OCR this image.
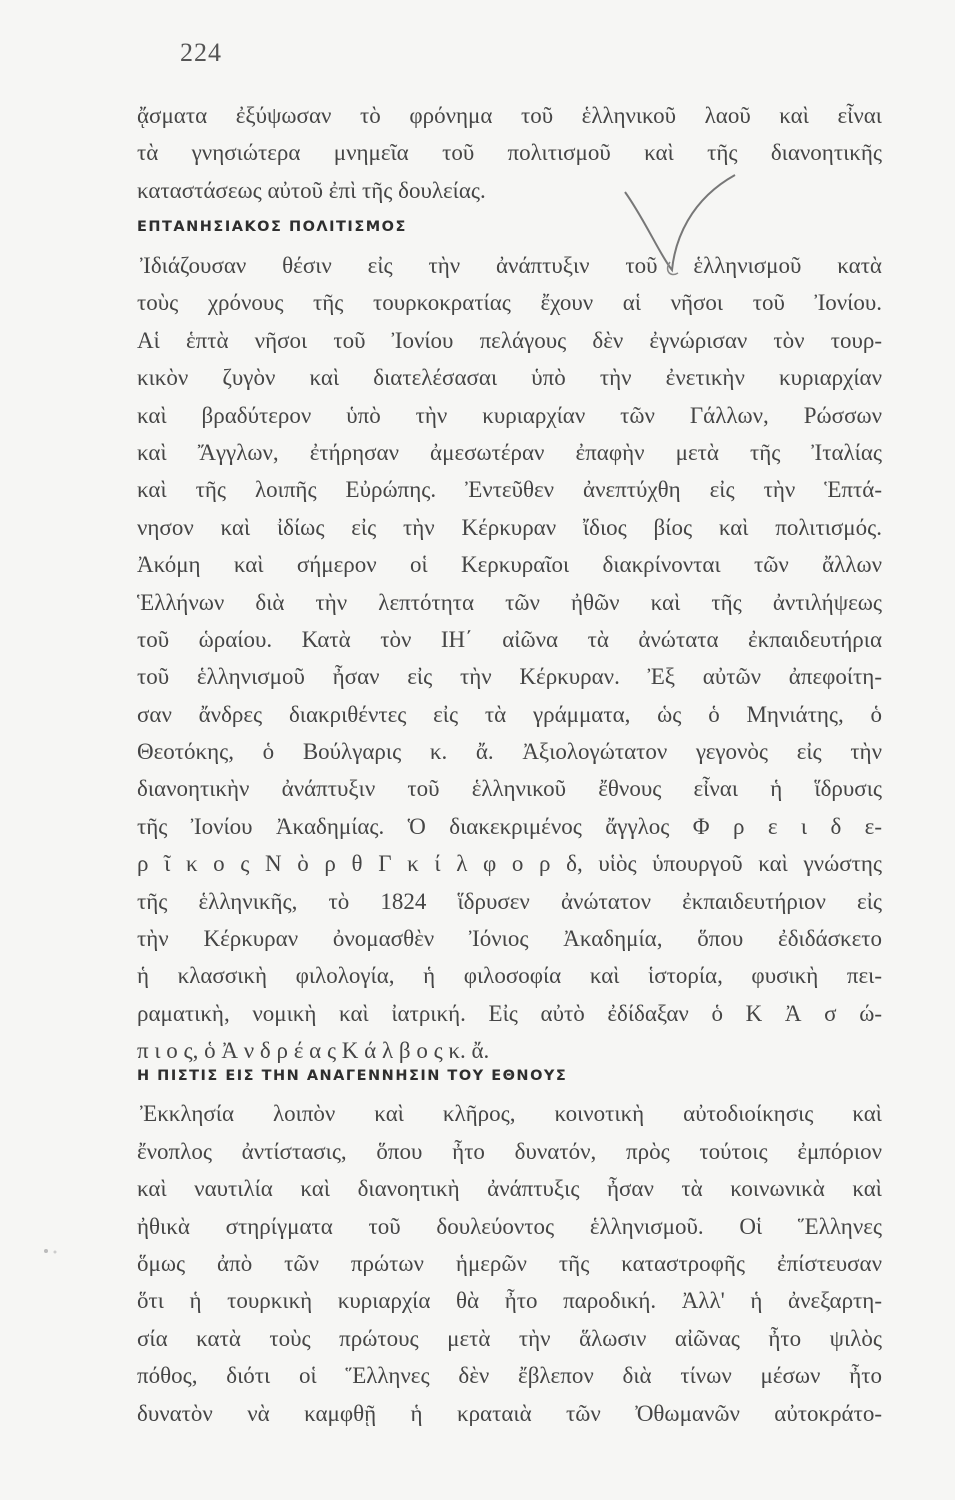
224
ᾄσματα ἐξύψωσαν τὸ φρόνημα τοῦ ἑλληνικοῦ λαοῦ καὶ εἶναι
τὰ γνησιώτερα μνημεῖα τοῦ πολιτισμοῦ καὶ τῆς διανοητικῆς
καταστάσεως αὐτοῦ ἐπὶ τῆς δουλείας.
ΕΠΤΑΝΗΣΙΑΚΟΣ ΠΟΛΙΤΙΣΜΟΣ
Ἰδιάζουσαν θέσιν εἰς τὴν ἀνάπτυξιν τοῦ ἑλληνισμοῦ κατὰ
τοὺς χρόνους τῆς τουρκοκρατίας ἔχουν αἱ νῆσοι τοῦ Ἰονίου.
Αἱ ἑπτὰ νῆσοι τοῦ Ἰονίου πελάγους δὲν ἐγνώρισαν τὸν τουρ-
κικὸν ζυγὸν καὶ διατελέσασαι ὑπὸ τὴν ἐνετικὴν κυριαρχίαν
καὶ βραδύτερον ὑπὸ τὴν κυριαρχίαν τῶν Γάλλων, Ρώσσων
καὶ Ἄγγλων, ἐτήρησαν ἀμεσωτέραν ἐπαφὴν μετὰ τῆς Ἰταλίας
καὶ τῆς λοιπῆς Εὐρώπης. Ἐντεῦθεν ἀνεπτύχθη εἰς τὴν Ἑπτά-
νησον καὶ ἰδίως εἰς τὴν Κέρκυραν ἴδιος βίος καὶ πολιτισμός.
Ἀκόμη καὶ σήμερον οἱ Κερκυραῖοι διακρίνονται τῶν ἄλλων
Ἑλλήνων διὰ τὴν λεπτότητα τῶν ἠθῶν καὶ τῆς ἀντιλήψεως
τοῦ ὡραίου. Κατὰ τὸν ΙΗ΄ αἰῶνα τὰ ἀνώτατα ἐκπαιδευτήρια
τοῦ ἑλληνισμοῦ ἦσαν εἰς τὴν Κέρκυραν. Ἐξ αὐτῶν ἀπεφοίτη-
σαν ἄνδρες διακριθέντες εἰς τὰ γράμματα, ὡς ὁ Μηνιάτης, ὁ
Θεοτόκης, ὁ Βούλγαρις κ. ἄ. Ἀξιολογώτατον γεγονὸς εἰς τὴν
διανοητικὴν ἀνάπτυξιν τοῦ ἑλληνικοῦ ἔθνους εἶναι ἡ ἵδρυσις
τῆς Ἰονίου Ἀκαδημίας. Ὁ διακεκριμένος ἄγγλος Φ ρ ε ι δ ε-
ρ ῖ κ ο ς Ν ὸ ρ θ Γ κ ί λ φ ο ρ δ, υἱὸς ὑπουργοῦ καὶ γνώστης
τῆς ἑλληνικῆς, τὸ 1824 ἵδρυσεν ἀνώτατον ἐκπαιδευτήριον εἰς
τὴν Κέρκυραν ὀνομασθὲν Ἰόνιος Ἀκαδημία, ὅπου ἐδιδάσκετο
ἡ κλασσικὴ φιλολογία, ἡ φιλοσοφία καὶ ἱστορία, φυσικὴ πει-
ραματικὴ, νομικὴ καὶ ἰατρική. Εἰς αὐτὸ ἐδίδαξαν ὁ Κ Ἀ σ ώ-
π ι ο ς, ὁ Ἀ ν δ ρ έ α ς Κ ά λ β ο ς κ. ἄ.
Η ΠΙΣΤΙΣ ΕΙΣ ΤΗΝ ΑΝΑΓΕΝΝΗΣΙΝ ΤΟΥ ΕΘΝΟΥΣ
Ἐκκλησία λοιπὸν καὶ κλῆρος, κοινοτικὴ αὐτοδιοίκησις καὶ
ἔνοπλος ἀντίστασις, ὅπου ἦτο δυνατόν, πρὸς τούτοις ἐμπόριον
καὶ ναυτιλία καὶ διανοητικὴ ἀνάπτυξις ἦσαν τὰ κοινωνικὰ καὶ
ἠθικὰ στηρίγματα τοῦ δουλεύοντος ἑλληνισμοῦ. Οἱ Ἕλληνες
ὅμως ἀπὸ τῶν πρώτων ἡμερῶν τῆς καταστροφῆς ἐπίστευσαν
ὅτι ἡ τουρκικὴ κυριαρχία θὰ ἦτο παροδική. Ἀλλ' ἡ ἀνεξαρτη-
σία κατὰ τοὺς πρώτους μετὰ τὴν ἅλωσιν αἰῶνας ἦτο ψιλὸς
πόθος, διότι οἱ Ἕλληνες δὲν ἔβλεπον διὰ τίνων μέσων ἦτο
δυνατὸν νὰ καμφθῇ ἡ κραταιὰ τῶν Ὀθωμανῶν αὐτοκράτο-
